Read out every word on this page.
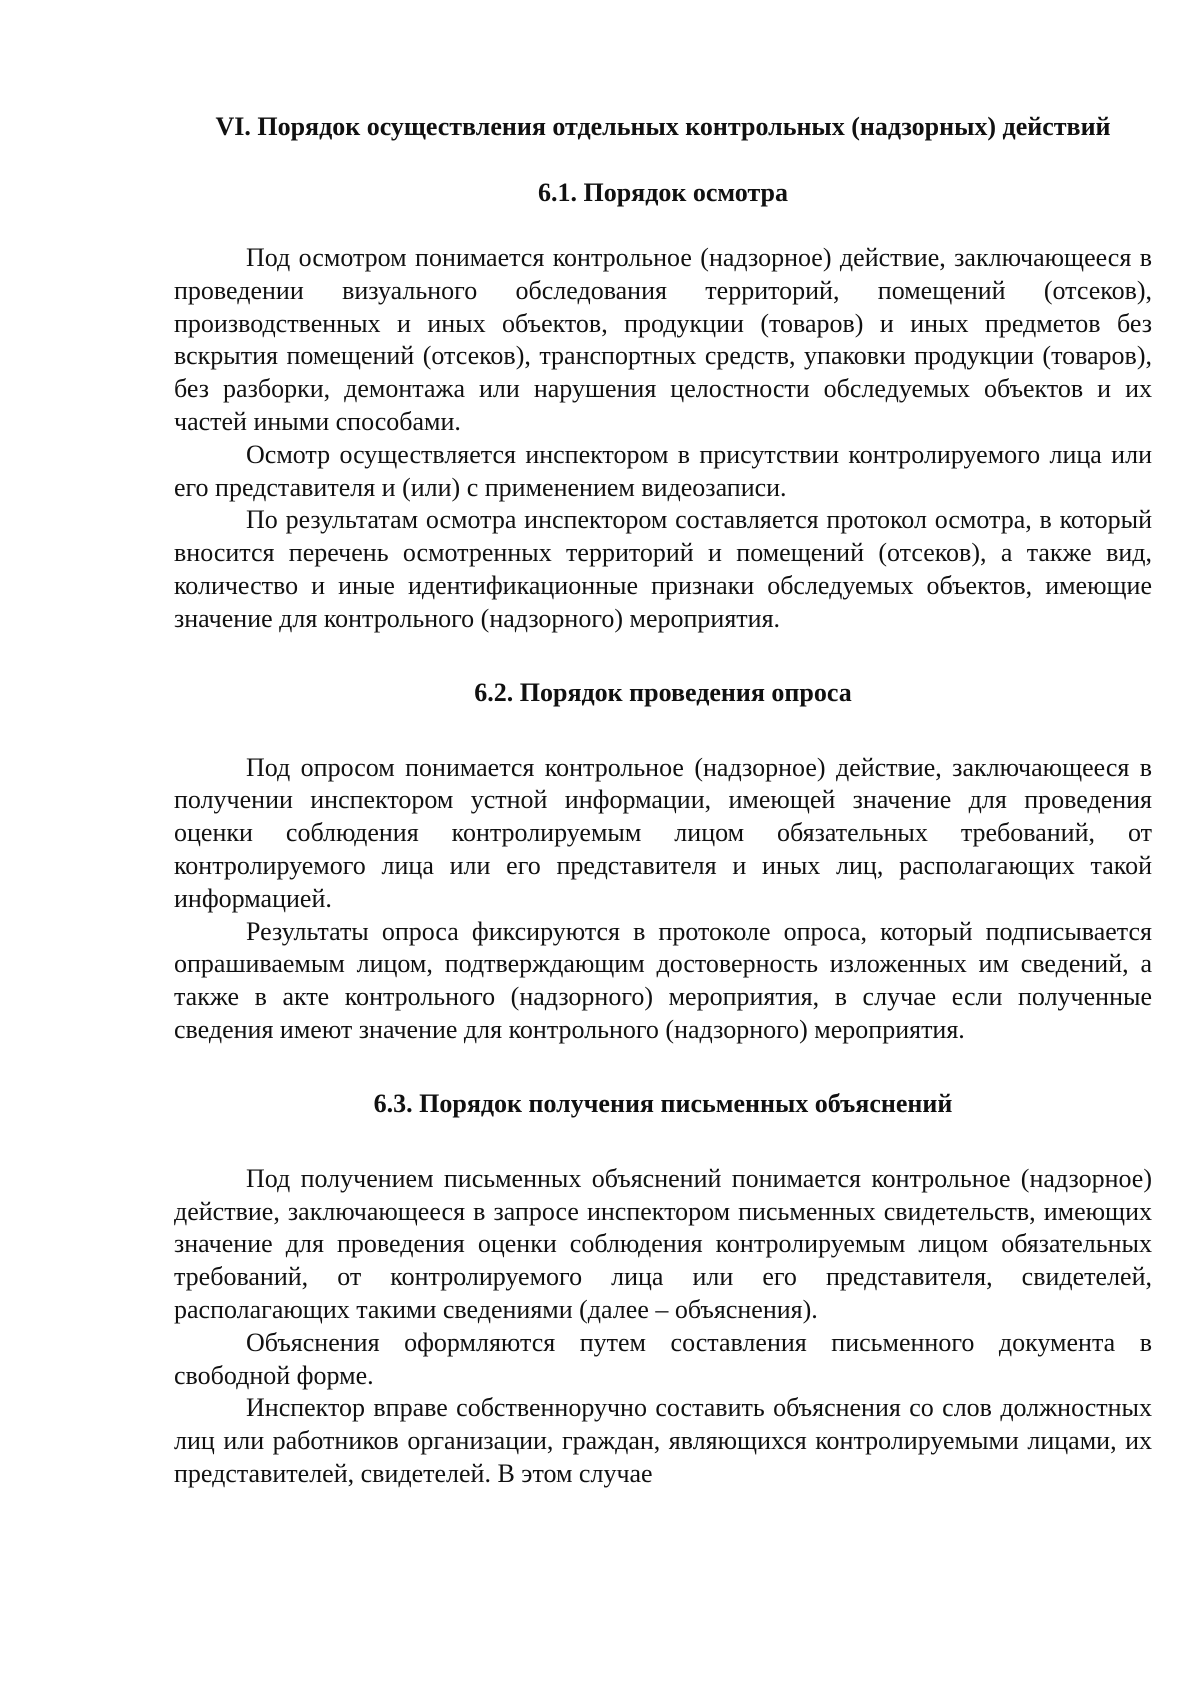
VI. Порядок осуществления отдельных контрольных (надзорных) действий
6.1. Порядок осмотра

Под осмотром понимается контрольное (надзорное) действие, заключающееся в проведении визуального обследования территорий, помещений (отсеков), производственных и иных объектов, продукции (товаров) и иных предметов без вскрытия помещений (отсеков), транспортных средств, упаковки продукции (товаров), без разборки, демонтажа или нарушения целостности обследуемых объектов и их частей иными способами.

Осмотр осуществляется инспектором в присутствии контролируемого лица или его представителя и (или) с применением видеозаписи.

По результатам осмотра инспектором составляется протокол осмотра, в который вносится перечень осмотренных территорий и помещений (отсеков), а также вид, количество и иные идентификационные признаки обследуемых объектов, имеющие значение для контрольного (надзорного) мероприятия.

6.2. Порядок проведения опроса

Под опросом понимается контрольное (надзорное) действие, заключающееся в получении инспектором устной информации, имеющей значение для проведения оценки соблюдения контролируемым лицом обязательных требований, от контролируемого лица или его представителя и иных лиц, располагающих такой информацией.

Результаты опроса фиксируются в протоколе опроса, который подписывается опрашиваемым лицом, подтверждающим достоверность изложенных им сведений, а также в акте контрольного (надзорного) мероприятия, в случае если полученные сведения имеют значение для контрольного (надзорного) мероприятия.

6.3. Порядок получения письменных объяснений

Под получением письменных объяснений понимается контрольное (надзорное) действие, заключающееся в запросе инспектором письменных свидетельств, имеющих значение для проведения оценки соблюдения контролируемым лицом обязательных требований, от контролируемого лица или его представителя, свидетелей, располагающих такими сведениями (далее – объяснения).

Объяснения оформляются путем составления письменного документа в свободной форме.

Инспектор вправе собственноручно составить объяснения со слов должностных лиц или работников организации, граждан, являющихся контролируемыми лицами, их представителей, свидетелей. В этом случае
